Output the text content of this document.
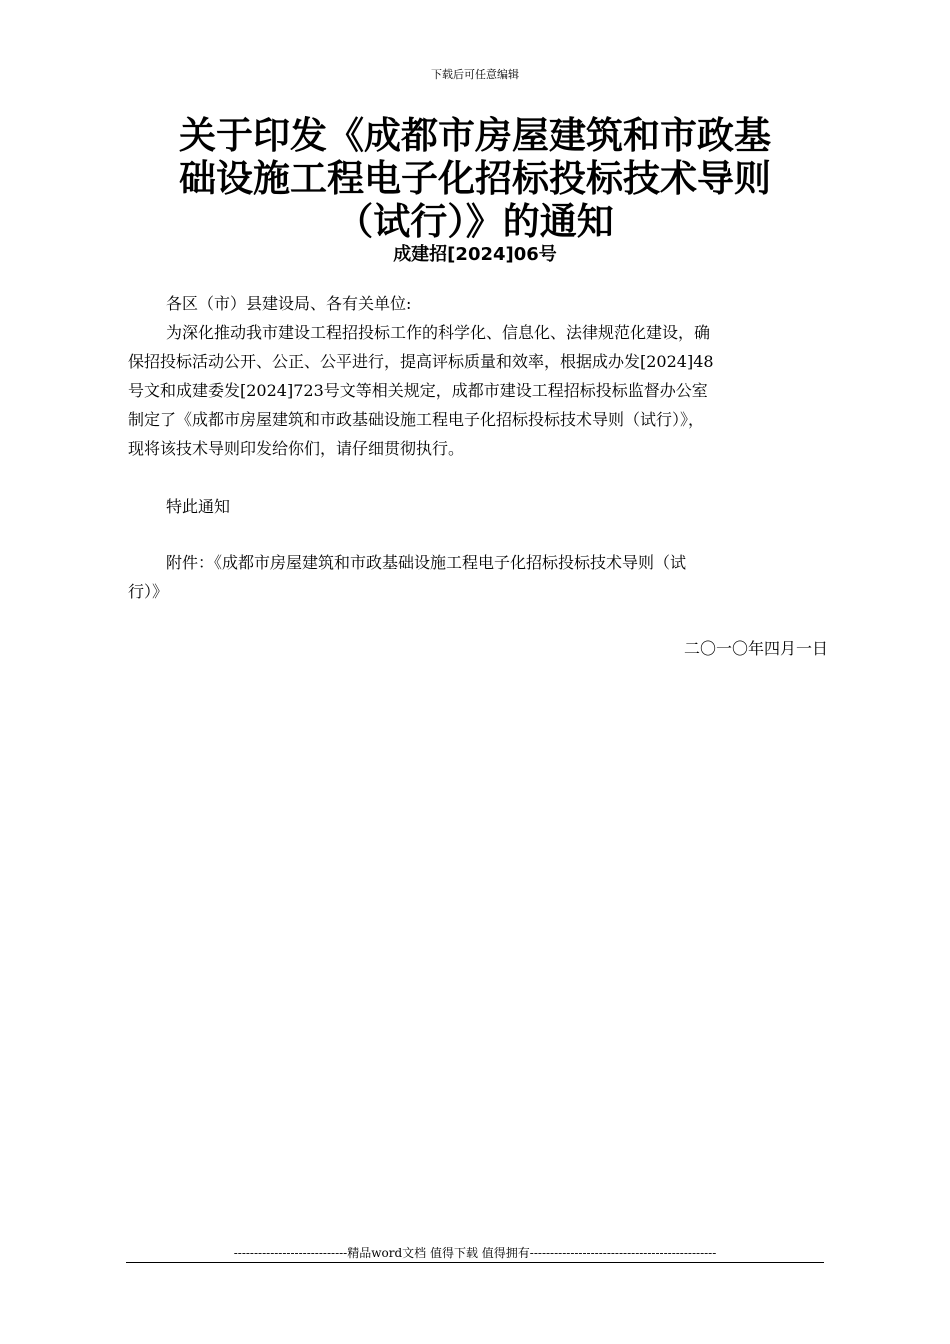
下载后可任意编辑
关于印发《成都市房屋建筑和市政基
础设施工程电子化招标投标技术导则
（试行）》的通知
成建招[2024]06号
各区（市）县建设局、各有关单位:
为深化推动我市建设工程招投标工作的科学化、信息化、法律规范化建设，确
保招投标活动公开、公正、公平进行，提高评标质量和效率，根据成办发[2024]48
号文和成建委发[2024]723号文等相关规定，成都市建设工程招标投标监督办公室
制定了《成都市房屋建筑和市政基础设施工程电子化招标投标技术导则（试行）》，
现将该技术导则印发给你们，请仔细贯彻执行。
特此通知
附件：《成都市房屋建筑和市政基础设施工程电子化招标投标技术导则（试
行）》
二〇一〇年四月一日
----------------------------精品word文档 值得下载 值得拥有----------------------------------------------
